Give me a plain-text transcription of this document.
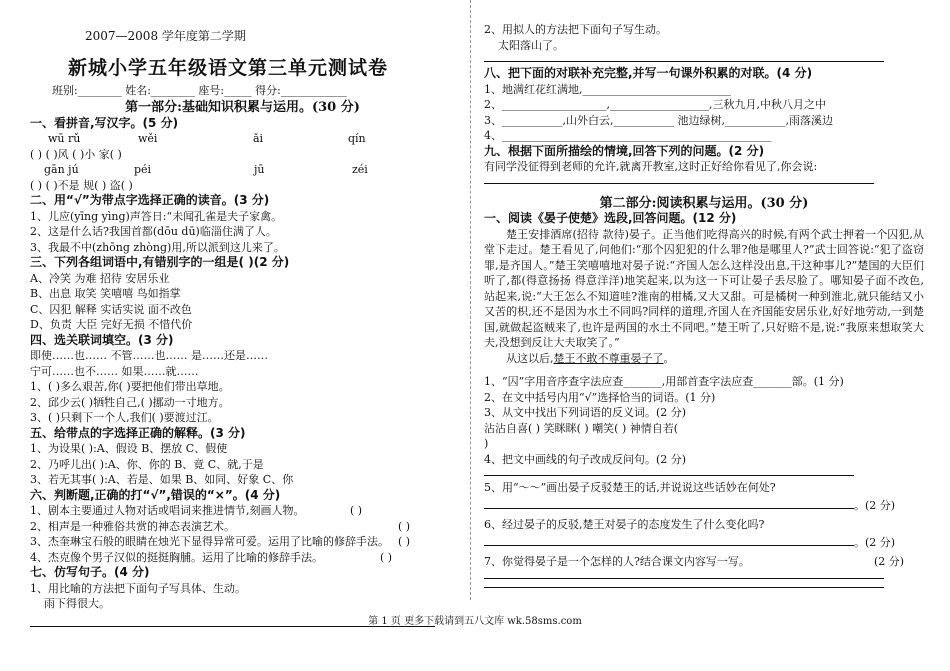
2007—2008 学年度第二学期
新城小学五年级语文第三单元测试卷
班别:________ 姓名:________ 座号:_____ 得分:____________
第一部分:基础知识积累与运用。(30 分)
一、看拼音,写汉字。(5 分)
wū rǔ	wěi	ǎi	qín
( ) ( )风 ( )小 家( )
gān jú	péi	jū	zéi
( ) ( )不是 规( ) 盗( )
二、用“√”为带点字选择正确的读音。(3 分)
1、儿应(yīng yìng)声答日:“未闻孔雀是夫子家禽。
2、这是什么话?我国首都(dōu dū)临淄住满了人。
3、我最不中(zhōng zhòng)用,所以派到这儿来了。
三、下列各组词语中,有错别字的一组是( )(2 分)
A、冷笑 为难 招待 安居乐业
B、出息 取笑 笑嘻嘻 鸟如指掌
C、囚犯 解释 实话实说 面不改色
D、负责 大臣 完好无损 不惜代价
四、选关联词填空。(3 分)
即使……也…… 不管……也…… 是……还是……
宁可……也不…… 如果……就……
1、( )多么艰苦,你( )要把他们带出草地。
2、邱少云( )牺牲自己,( )挪动一寸地方。
3、( )只剩下一个人,我们( )要渡过江。
五、给带点的字选择正确的解释。(3 分)
1、为设果( ):A、假设 B、摆放 C、假使
2、乃呼儿出( ):A、你、你的 B、竟 C、就,于是
3、若无其事( ):A、若是、如果 B、如同、好象 C、你
六、判断题,正确的打“√”,错误的“×”。(4 分)
1、剧本主要通过人物对话或唱词来推进情节,刻画人物。	( )
2、相声是一种雅俗共赏的神态表演艺术。	( )
3、杰奎琳宝石般的眼睛在烛光下显得异常可爱。运用了比喻的修辞手法。 ( )
4、杰克像个男子汉似的挺挺胸脯。运用了比喻的修辞手法。	( )
七、仿写句子。(4 分)
1、用比喻的方法把下面句子写具体、生动。
雨下得很大。
2、用拟人的方法把下面句子写生动。
太阳落山了。
八、把下面的对联补充完整,并写一句课外积累的对联。(4 分)
1、地满红花红满地,___________________________
2、___________________,__________________,三秋九月,中秋八月之中
3、___________,山外白云,___________ 池边绿树,___________,雨落溪边
4、_________________________________________________
九、根据下面所描绘的情境,回答下列的问题。(2 分)
有同学没征得到老师的允许,就离开教室,这时正好给你看见了,你会说:
第二部分:阅读积累与运用。(30 分)
一、阅读《晏子使楚》选段,回答问题。(12 分)
楚王安排酒席(招待 款待)晏子。正当他们吃得高兴的时候,有两个武士押着一个囚犯,从堂下走过。楚王看见了,问他们:“那个囚犯犯的什么罪?他是哪里人?”武士回答说:“犯了盗窃罪,是齐国人。”楚王笑嘻嘻地对晏子说:“齐国人怎么这样没出息,干这种事儿?”楚国的大臣们听了,都(得意扬扬 得意洋洋)地笑起来,以为这一下可让晏子丢尽脸了。哪知晏子面不改色,站起来,说:“大王怎么不知道哇?淮南的柑橘,又大又甜。可是橘树一种到淮北,就只能结又小又苦的枳,还不是因为水土不同吗?同样的道理,齐国人在齐国能安居乐业,好好地劳动,一到楚国,就做起盗贼来了,也许是两国的水土不同吧。”楚王听了,只好赔不是,说:“我原来想取笑大夫,没想到反让大夫取笑了。”
从这以后,楚王不敢不尊重晏子了。
1、“囚”字用音序查字法应查_______,用部首查字法应查_______部。(1 分)
2、在文中括号内用“√”选择恰当的词语。(1 分)
3、从文中找出下列词语的反义词。(2 分)
沾沾自喜( ) 笑眯眯( ) 嘲笑( ) 神情自若(
)
4、把文中画线的句子改成反问句。(2 分)
5、用“～～”画出晏子反驳楚王的话,并说说这些话妙在何处?
。(2 分)
6、经过晏子的反驳,楚王对晏子的态度发生了什么变化吗?
。(2 分)
7、你觉得晏子是一个怎样的人?结合课文内容写一写。	(2 分)
第 1 页 更多下载请到五八文库 wk.58sms.com
